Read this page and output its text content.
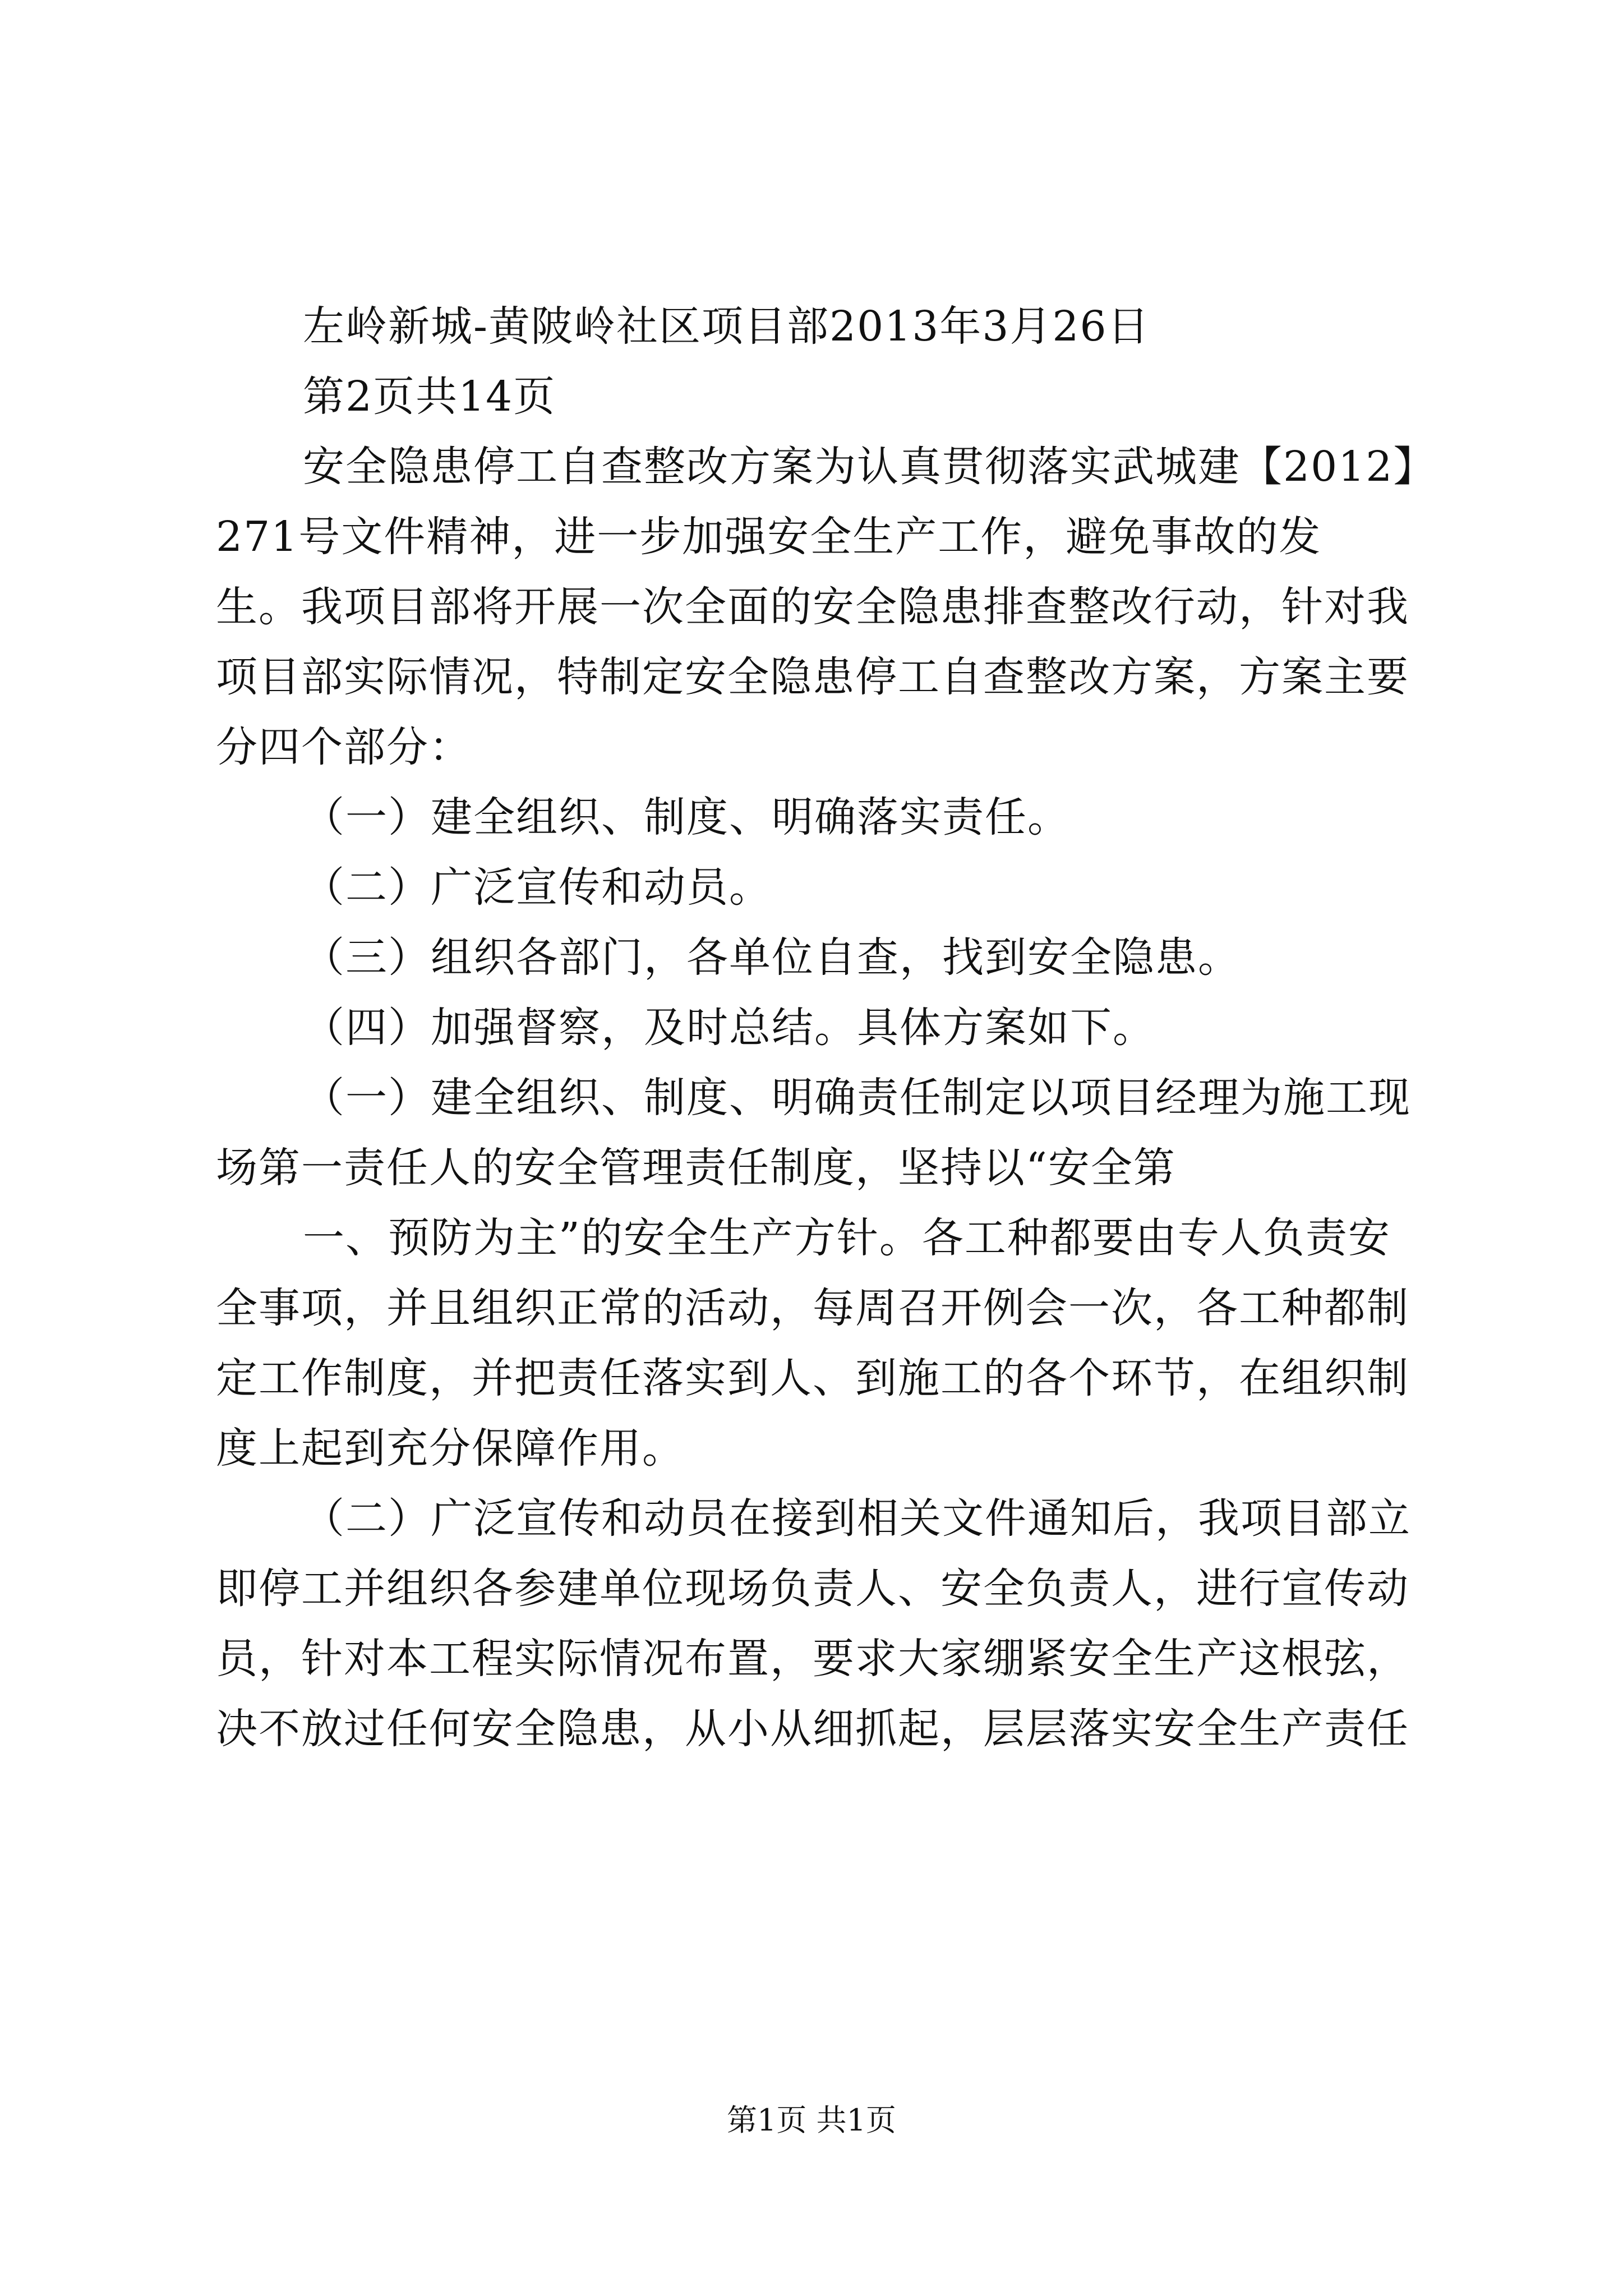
左岭新城-黄陂岭社区项目部2013年3月26日
第2页共14页
安全隐患停工自查整改方案为认真贯彻落实武城建【2012】
271号文件精神，进一步加强安全生产工作，避免事故的发
生。我项目部将开展一次全面的安全隐患排查整改行动，针对我
项目部实际情况，特制定安全隐患停工自查整改方案，方案主要
分四个部分：
（一）建全组织、制度、明确落实责任。
（二）广泛宣传和动员。
（三）组织各部门，各单位自查，找到安全隐患。
（四）加强督察，及时总结。具体方案如下。
（一）建全组织、制度、明确责任制定以项目经理为施工现
场第一责任人的安全管理责任制度，坚持以“安全第
一、预防为主”的安全生产方针。各工种都要由专人负责安
全事项，并且组织正常的活动，每周召开例会一次，各工种都制
定工作制度，并把责任落实到人、到施工的各个环节，在组织制
度上起到充分保障作用。
（二）广泛宣传和动员在接到相关文件通知后，我项目部立
即停工并组织各参建单位现场负责人、安全负责人，进行宣传动
员，针对本工程实际情况布置，要求大家绷紧安全生产这根弦，
决不放过任何安全隐患，从小从细抓起，层层落实安全生产责任
第1页 共1页
